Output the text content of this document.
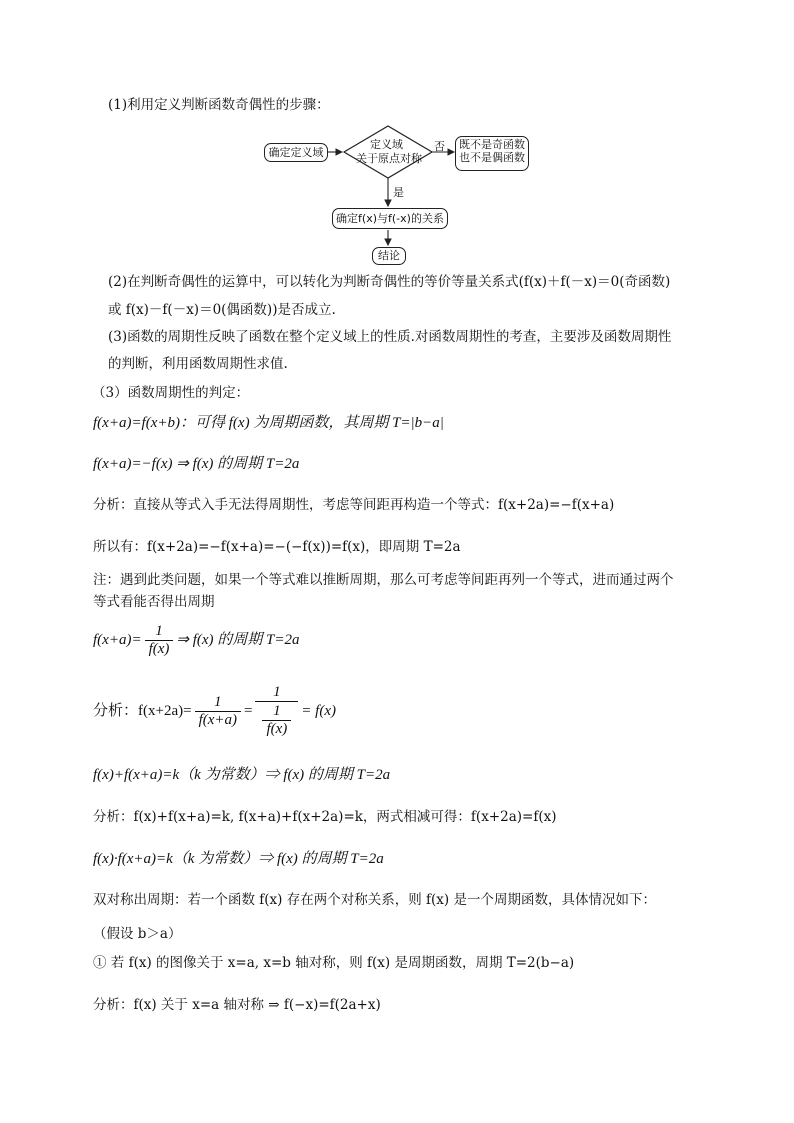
(1)利用定义判断函数奇偶性的步骤：
确定定义域
定义域
关于原点对称
否 既不是奇函数
也不是偶函数
是
确定f(x)与f(-x)的关系
结论
(2)在判断奇偶性的运算中，可以转化为判断奇偶性的等价等量关系式(f(x)＋f(－x)＝0(奇函数)
或 f(x)－f(－x)＝0(偶函数))是否成立.
(3)函数的周期性反映了函数在整个定义域上的性质.对函数周期性的考查，主要涉及函数周期性
的判断，利用函数周期性求值.
（3）函数周期性的判定：
f(x+a)=f(x+b)：可得 f(x) 为周期函数，其周期 T=|b−a|
f(x+a)=−f(x) ⇒ f(x) 的周期 T=2a
分析：直接从等式入手无法得周期性，考虑等间距再构造一个等式：f(x+2a)=−f(x+a)
所以有：f(x+2a)=−f(x+a)=−(−f(x))=f(x)，即周期 T=2a
注：遇到此类问题，如果一个等式难以推断周期，那么可考虑等间距再列一个等式，进而通过两个
等式看能否得出周期
$f(x+a)= \frac{1}{f(x)}$ ⇒ f(x) 的周期 T=2a
分析：$f(x+2a)= \frac{1}{f(x+a)} = \frac{1}{\frac{1}{f(x)}} = f(x)$
f(x)+f(x+a)=k（k 为常数）⇒ f(x) 的周期 T=2a
分析：f(x)+f(x+a)=k, f(x+a)+f(x+2a)=k，两式相减可得：f(x+2a)=f(x)
f(x)·f(x+a)=k（k 为常数）⇒ f(x) 的周期 T=2a
双对称出周期：若一个函数 f(x) 存在两个对称关系，则 f(x) 是一个周期函数，具体情况如下：
（假设 b＞a）
① 若 f(x) 的图像关于 x=a, x=b 轴对称，则 f(x) 是周期函数，周期 T=2(b−a)
分析：f(x) 关于 x=a 轴对称 ⇒ f(−x)=f(2a+x)
